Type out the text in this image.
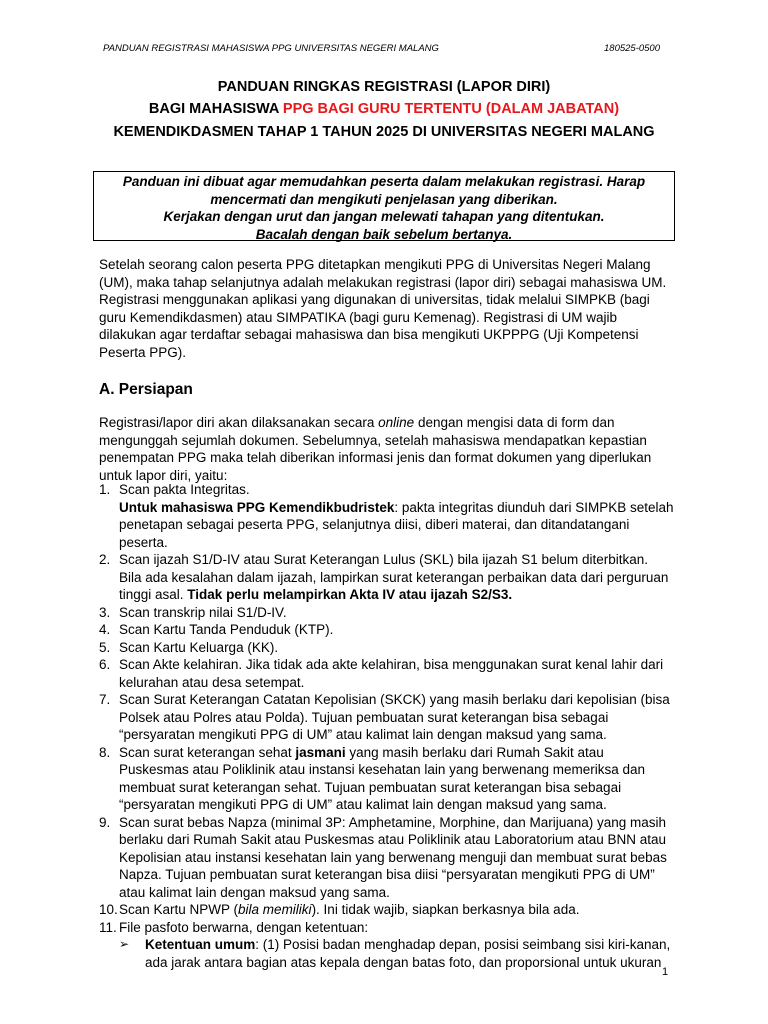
PANDUAN REGISTRASI MAHASISWA PPG UNIVERSITAS NEGERI MALANG	180525-0500
PANDUAN RINGKAS REGISTRASI (LAPOR DIRI)
BAGI MAHASISWA PPG BAGI GURU TERTENTU (DALAM JABATAN)
KEMENDIKDASMEN TAHAP 1 TAHUN 2025 DI UNIVERSITAS NEGERI MALANG
Panduan ini dibuat agar memudahkan peserta dalam melakukan registrasi. Harap
mencermati dan mengikuti penjelasan yang diberikan.
Kerjakan dengan urut dan jangan melewati tahapan yang ditentukan.
Bacalah dengan baik sebelum bertanya.
Setelah seorang calon peserta PPG ditetapkan mengikuti PPG di Universitas Negeri Malang (UM), maka tahap selanjutnya adalah melakukan registrasi (lapor diri) sebagai mahasiswa UM. Registrasi menggunakan aplikasi yang digunakan di universitas, tidak melalui SIMPKB (bagi guru Kemendikdasmen) atau SIMPATIKA (bagi guru Kemenag). Registrasi di UM wajib dilakukan agar terdaftar sebagai mahasiswa dan bisa mengikuti UKPPPG (Uji Kompetensi Peserta PPG).
A. Persiapan
Registrasi/lapor diri akan dilaksanakan secara online dengan mengisi data di form dan mengunggah sejumlah dokumen. Sebelumnya, setelah mahasiswa mendapatkan kepastian penempatan PPG maka telah diberikan informasi jenis dan format dokumen yang diperlukan untuk lapor diri, yaitu:
1. Scan pakta Integritas.
Untuk mahasiswa PPG Kemendikbudristek: pakta integritas diunduh dari SIMPKB setelah penetapan sebagai peserta PPG, selanjutnya diisi, diberi materai, dan ditandatangani peserta.
2. Scan ijazah S1/D-IV atau Surat Keterangan Lulus (SKL) bila ijazah S1 belum diterbitkan. Bila ada kesalahan dalam ijazah, lampirkan surat keterangan perbaikan data dari perguruan tinggi asal. Tidak perlu melampirkan Akta IV atau ijazah S2/S3.
3. Scan transkrip nilai S1/D-IV.
4. Scan Kartu Tanda Penduduk (KTP).
5. Scan Kartu Keluarga (KK).
6. Scan Akte kelahiran. Jika tidak ada akte kelahiran, bisa menggunakan surat kenal lahir dari kelurahan atau desa setempat.
7. Scan Surat Keterangan Catatan Kepolisian (SKCK) yang masih berlaku dari kepolisian (bisa Polsek atau Polres atau Polda). Tujuan pembuatan surat keterangan bisa sebagai “persyaratan mengikuti PPG di UM” atau kalimat lain dengan maksud yang sama.
8. Scan surat keterangan sehat jasmani yang masih berlaku dari Rumah Sakit atau Puskesmas atau Poliklinik atau instansi kesehatan lain yang berwenang memeriksa dan membuat surat keterangan sehat. Tujuan pembuatan surat keterangan bisa sebagai “persyaratan mengikuti PPG di UM” atau kalimat lain dengan maksud yang sama.
9. Scan surat bebas Napza (minimal 3P: Amphetamine, Morphine, dan Marijuana) yang masih berlaku dari Rumah Sakit atau Puskesmas atau Poliklinik atau Laboratorium atau BNN atau Kepolisian atau instansi kesehatan lain yang berwenang menguji dan membuat surat bebas Napza. Tujuan pembuatan surat keterangan bisa diisi “persyaratan mengikuti PPG di UM” atau kalimat lain dengan maksud yang sama.
10. Scan Kartu NPWP (bila memiliki). Ini tidak wajib, siapkan berkasnya bila ada.
11. File pasfoto berwarna, dengan ketentuan:
➢ Ketentuan umum: (1) Posisi badan menghadap depan, posisi seimbang sisi kiri-kanan, ada jarak antara bagian atas kepala dengan batas foto, dan proporsional untuk ukuran
1
